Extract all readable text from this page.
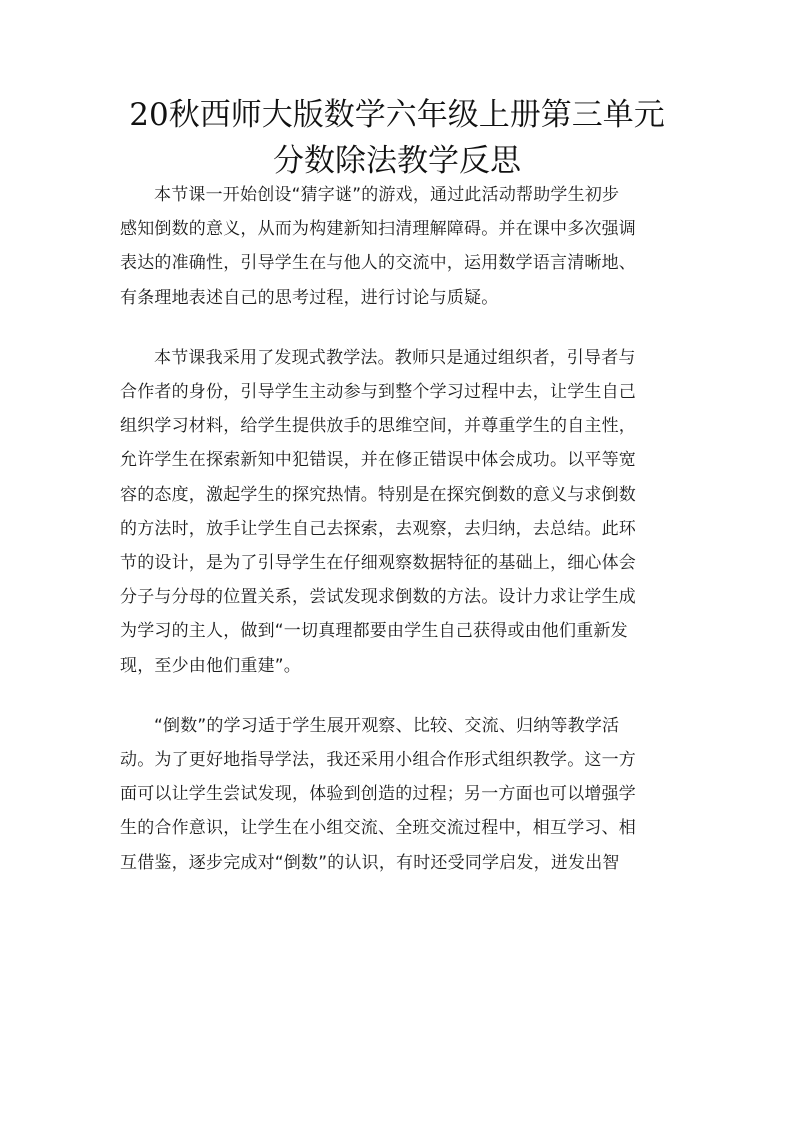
20秋西师大版数学六年级上册第三单元
分数除法教学反思

本节课一开始创设“猜字谜”的游戏，通过此活动帮助学生初步
感知倒数的意义，从而为构建新知扫清理解障碍。并在课中多次强调
表达的准确性，引导学生在与他人的交流中，运用数学语言清晰地、
有条理地表述自己的思考过程，进行讨论与质疑。

本节课我采用了发现式教学法。教师只是通过组织者，引导者与
合作者的身份，引导学生主动参与到整个学习过程中去，让学生自己
组织学习材料，给学生提供放手的思维空间，并尊重学生的自主性，
允许学生在探索新知中犯错误，并在修正错误中体会成功。以平等宽
容的态度，激起学生的探究热情。特别是在探究倒数的意义与求倒数
的方法时，放手让学生自己去探索，去观察，去归纳，去总结。此环
节的设计，是为了引导学生在仔细观察数据特征的基础上，细心体会
分子与分母的位置关系，尝试发现求倒数的方法。设计力求让学生成
为学习的主人，做到“一切真理都要由学生自己获得或由他们重新发
现，至少由他们重建”。

“倒数”的学习适于学生展开观察、比较、交流、归纳等教学活
动。为了更好地指导学法，我还采用小组合作形式组织教学。这一方
面可以让学生尝试发现，体验到创造的过程；另一方面也可以增强学
生的合作意识，让学生在小组交流、全班交流过程中，相互学习、相
互借鉴，逐步完成对“倒数”的认识，有时还受同学启发，迸发出智
